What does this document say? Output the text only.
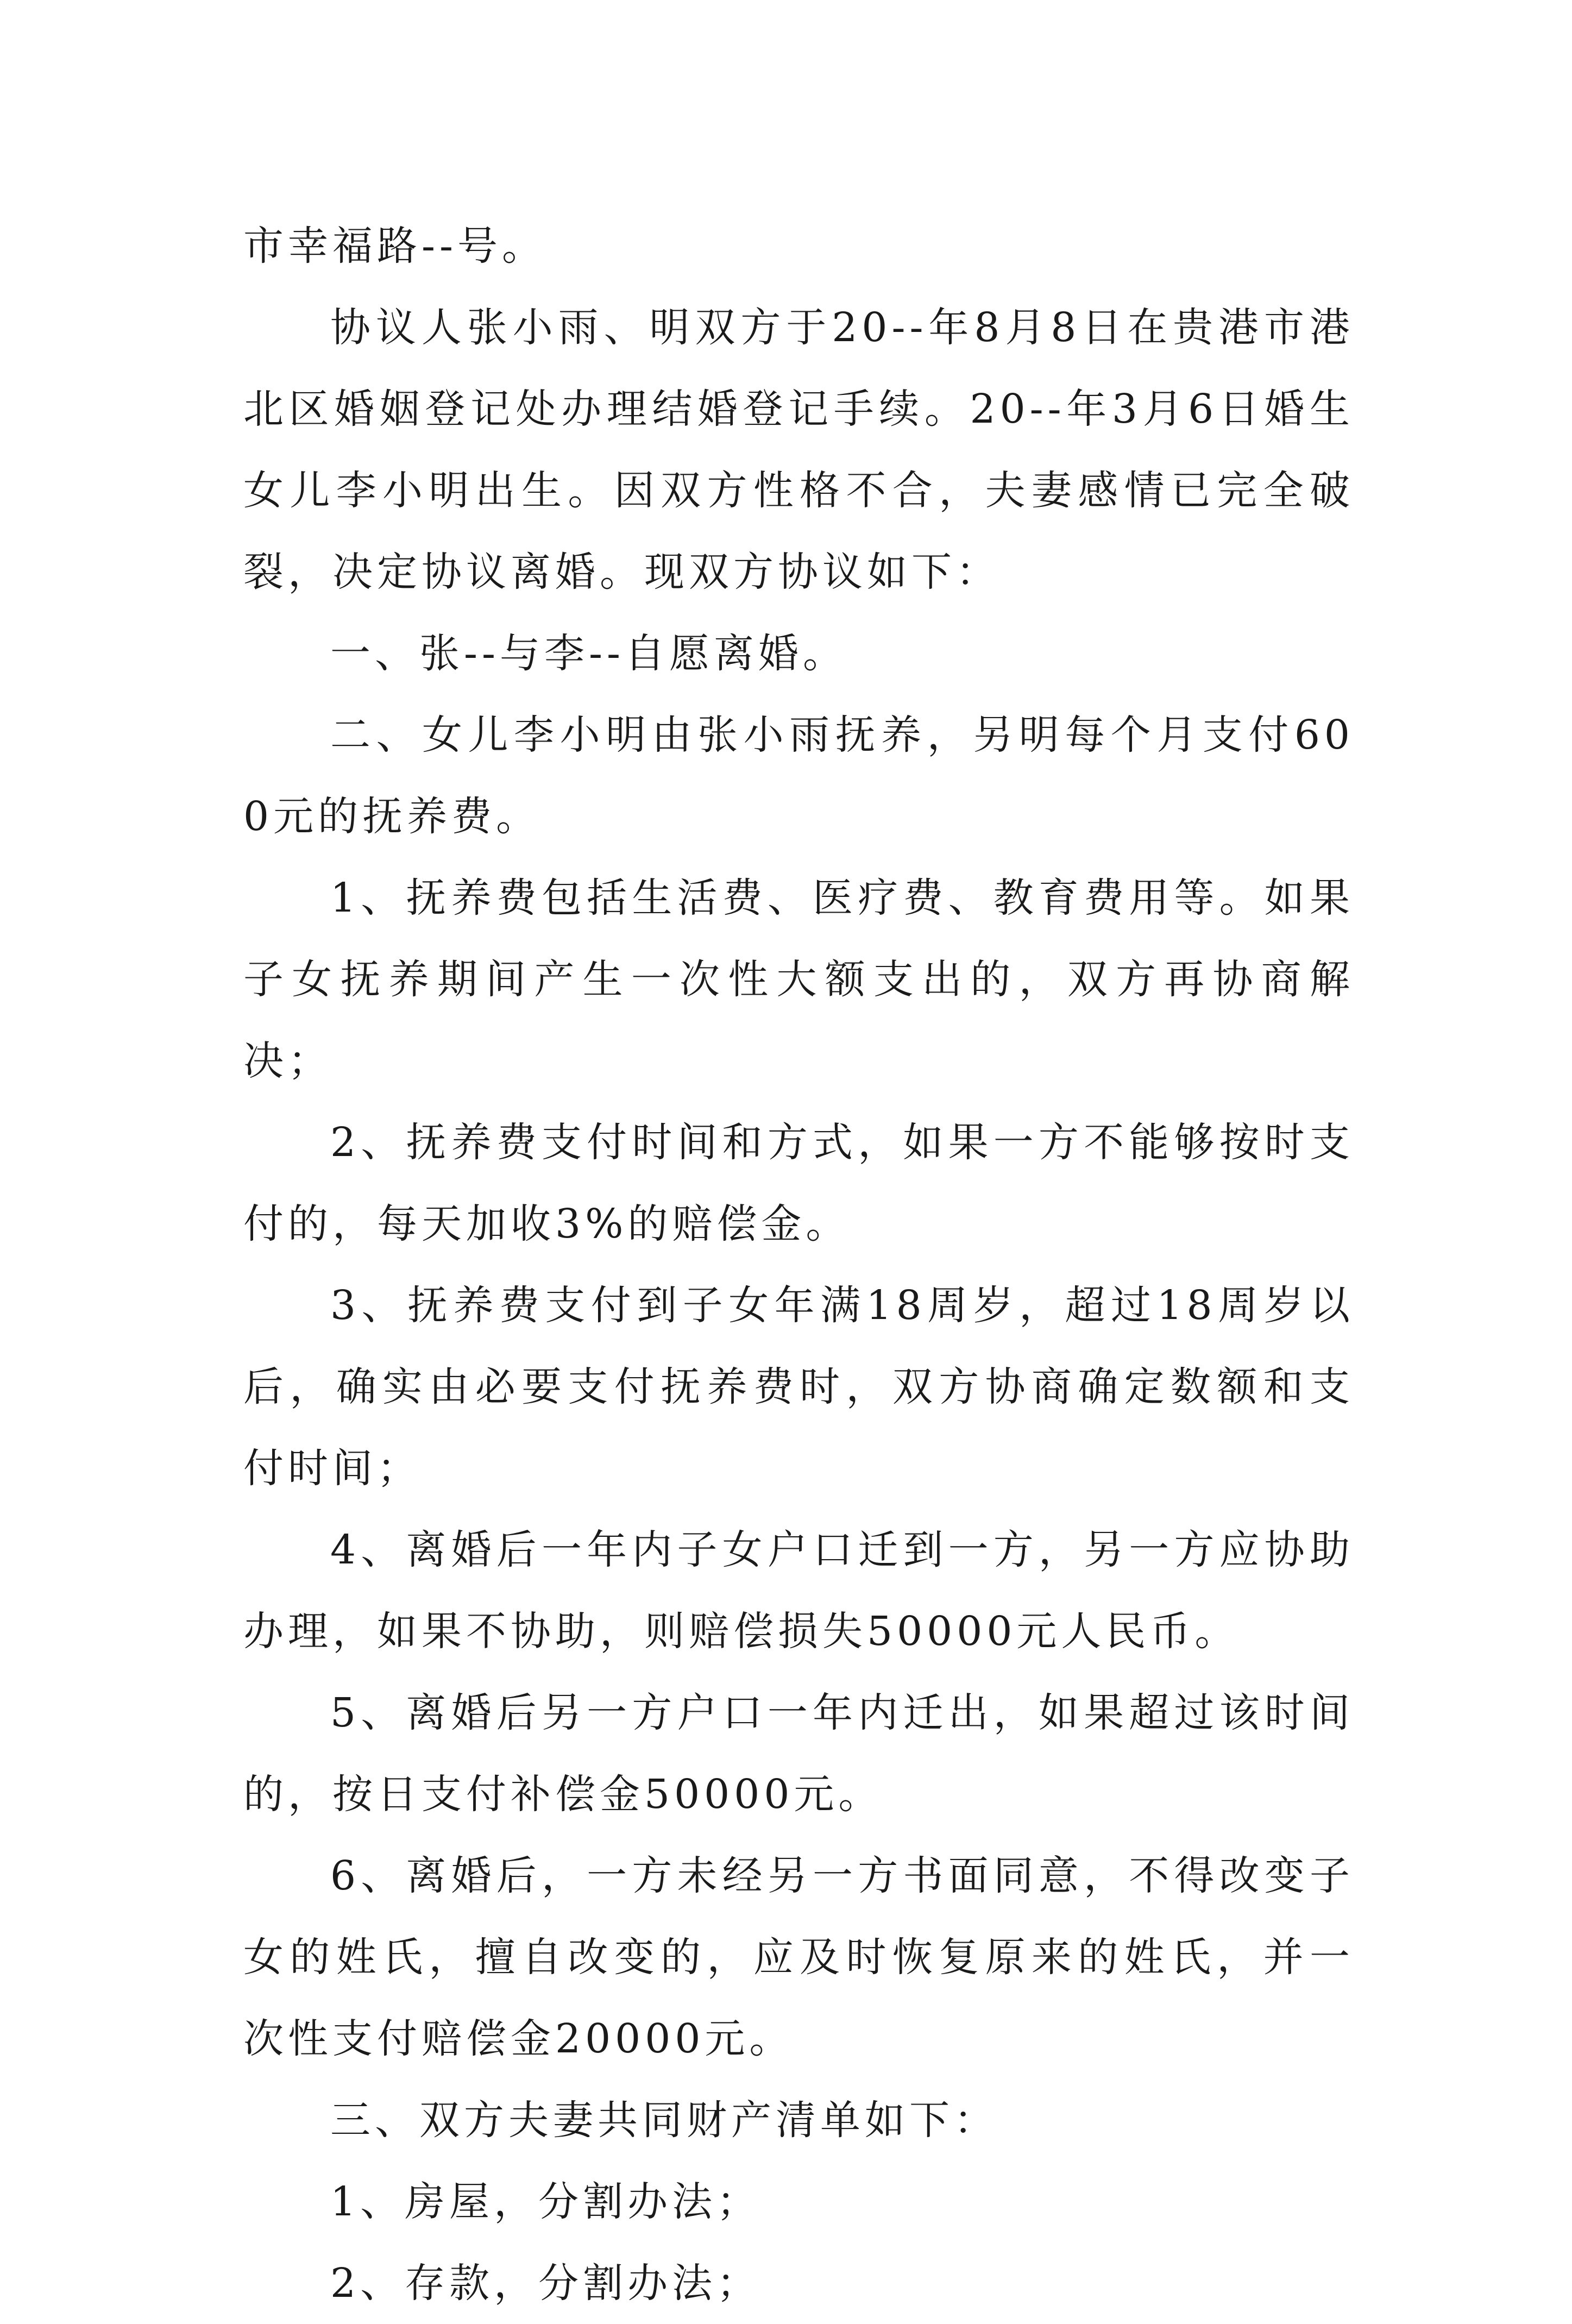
市幸福路--号。

协议人张小雨、明双方于20--年8月8日在贵港市港北区婚姻登记处办理结婚登记手续。20--年3月6日婚生女儿李小明出生。因双方性格不合，夫妻感情已完全破裂，决定协议离婚。现双方协议如下：

一、张--与李--自愿离婚。

二、女儿李小明由张小雨抚养，另明每个月支付600元的抚养费。

1、抚养费包括生活费、医疗费、教育费用等。如果子女抚养期间产生一次性大额支出的，双方再协商解决；

2、抚养费支付时间和方式，如果一方不能够按时支付的，每天加收3%的赔偿金。

3、抚养费支付到子女年满18周岁，超过18周岁以后，确实由必要支付抚养费时，双方协商确定数额和支付时间；

4、离婚后一年内子女户口迁到一方，另一方应协助办理，如果不协助，则赔偿损失50000元人民币。

5、离婚后另一方户口一年内迁出，如果超过该时间的，按日支付补偿金50000元。

6、离婚后，一方未经另一方书面同意，不得改变子女的姓氏，擅自改变的，应及时恢复原来的姓氏，并一次性支付赔偿金20000元。

三、双方夫妻共同财产清单如下：

1、房屋，分割办法；

2、存款，分割办法；
